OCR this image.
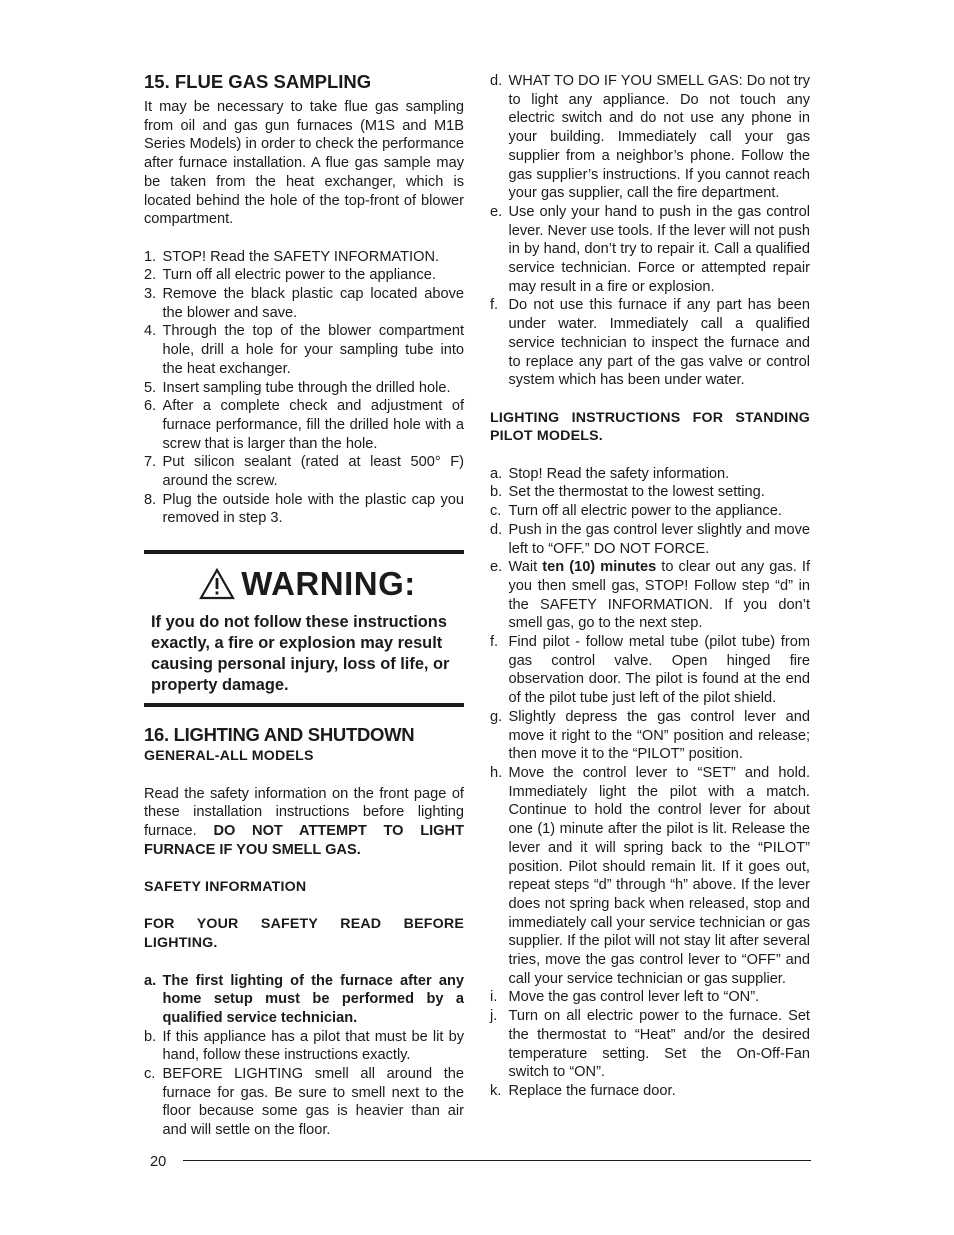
15. FLUE GAS SAMPLING

It may be necessary to take flue gas sampling from oil and gas gun furnaces (M1S and M1B Series Models) in order to check the performance after furnace installation. A flue gas sample may be taken from the heat exchanger, which is located behind the hole of the top-front of blower compartment.

1. STOP! Read the SAFETY INFORMATION.
2. Turn off all electric power to the appliance.
3. Remove the black plastic cap located above the blower and save.
4. Through the top of the blower compartment hole, drill a hole for your sampling tube into the heat exchanger.
5. Insert sampling tube through the drilled hole.
6. After a complete check and adjustment of furnace performance, fill the drilled hole with a screw that is larger than the hole.
7. Put silicon sealant (rated at least 500° F) around the screw.
8. Plug the outside hole with the plastic cap you removed in step 3.
WARNING:
If you do not follow these instructions exactly, a fire or explosion may result causing personal injury, loss of life, or property damage.
16. LIGHTING AND SHUTDOWN
GENERAL-ALL MODELS

Read the safety information on the front page of these installation instructions before lighting furnace. DO NOT ATTEMPT TO LIGHT FURNACE IF YOU SMELL GAS.

SAFETY INFORMATION
FOR YOUR SAFETY READ BEFORE LIGHTING.
a. The first lighting of the furnace after any home setup must be performed by a qualified service technician.
b. If this appliance has a pilot that must be lit by hand, follow these instructions exactly.
c. BEFORE LIGHTING smell all around the furnace for gas. Be sure to smell next to the floor because some gas is heavier than air and will settle on the floor.
d. WHAT TO DO IF YOU SMELL GAS: Do not try to light any appliance. Do not touch any electric switch and do not use any phone in your building. Immediately call your gas supplier from a neighbor’s phone. Follow the gas supplier’s instructions. If you cannot reach your gas supplier, call the fire department.
e. Use only your hand to push in the gas control lever. Never use tools. If the lever will not push in by hand, don’t try to repair it. Call a qualified service technician. Force or attempted repair may result in a fire or explosion.
f. Do not use this furnace if any part has been under water. Immediately call a qualified service technician to inspect the furnace and to replace any part of the gas valve or control system which has been under water.
LIGHTING INSTRUCTIONS FOR STANDING PILOT MODELS.
a. Stop! Read the safety information.
b. Set the thermostat to the lowest setting.
c. Turn off all electric power to the appliance.
d. Push in the gas control lever slightly and move left to “OFF.” DO NOT FORCE.
e. Wait ten (10) minutes to clear out any gas. If you then smell gas, STOP! Follow step “d” in the SAFETY INFORMATION. If you don’t smell gas, go to the next step.
f. Find pilot - follow metal tube (pilot tube) from gas control valve. Open hinged fire observation door. The pilot is found at the end of the pilot tube just left of the pilot shield.
g. Slightly depress the gas control lever and move it right to the “ON” position and release; then move it to the “PILOT” position.
h. Move the control lever to “SET” and hold. Immediately light the pilot with a match. Continue to hold the control lever for about one (1) minute after the pilot is lit. Release the lever and it will spring back to the “PILOT” position. Pilot should remain lit. If it goes out, repeat steps “d” through “h” above. If the lever does not spring back when released, stop and immediately call your service technician or gas supplier. If the pilot will not stay lit after several tries, move the gas control lever to “OFF” and call your service technician or gas supplier.
i. Move the gas control lever left to “ON”.
j. Turn on all electric power to the furnace. Set the thermostat to “Heat” and/or the desired temperature setting. Set the On-Off-Fan switch to “ON”.
k. Replace the furnace door.
20
